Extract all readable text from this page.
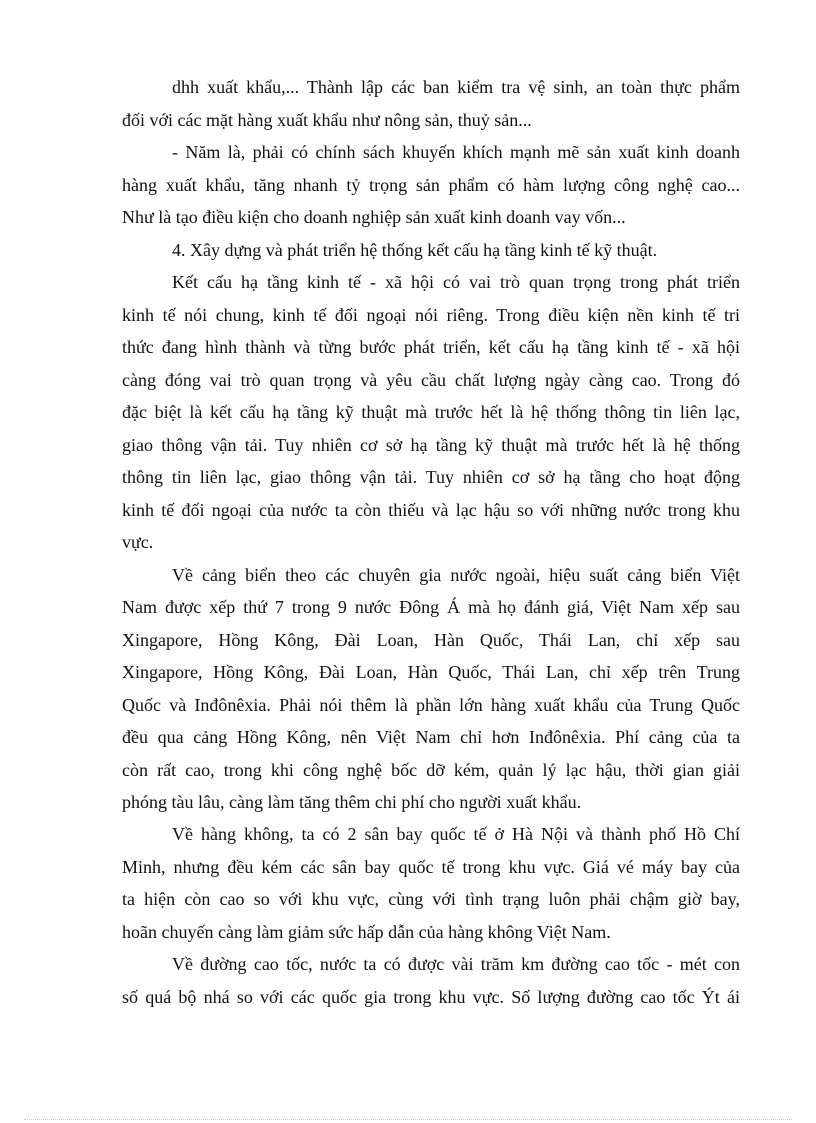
dhh xuất khẩu,... Thành lập các ban kiểm tra vệ sinh, an toàn thực phẩm
đối với các mặt hàng xuất khẩu như nông sản, thuỷ sản...
- Năm là, phải có chính sách khuyến khích mạnh mẽ sản xuất kinh doanh
hàng xuất khẩu, tăng nhanh tỷ trọng sản phẩm có hàm lượng công nghệ cao...
Như là tạo điều kiện cho doanh nghiệp sản xuất kinh doanh vay vốn...
4. Xây dựng và phát triển hệ thống kết cấu hạ tầng kinh tế kỹ thuật.
Kết cấu hạ tầng kinh tế - xã hội có vai trò quan trọng trong phát triển
kinh tế nói chung, kinh tế đối ngoại nói riêng. Trong điều kiện nền kinh tế tri
thức đang hình thành và từng bước phát triển, kết cấu hạ tầng kinh tế - xã hội
càng đóng vai trò quan trọng và yêu cầu chất lượng ngày càng cao. Trong đó
đặc biệt là kết cấu hạ tầng kỹ thuật mà trước hết là hệ thống thông tin liên lạc,
giao thông vận tải. Tuy nhiên cơ sở hạ tầng kỹ thuật mà trước hết là hệ thống
thông tin liên lạc, giao thông vận tải. Tuy nhiên cơ sở hạ tầng cho hoạt động
kinh tế đối ngoại của nước ta còn thiếu và lạc hậu so với những nước trong khu
vực.
Về cảng biển theo các chuyên gia nước ngoài, hiệu suất cảng biển Việt
Nam được xếp thứ 7 trong 9 nước Đông Á mà họ đánh giá, Việt Nam xếp sau
Xingapore, Hồng Kông, Đài Loan, Hàn Quốc, Thái Lan, chỉ xếp sau
Xingapore, Hồng Kông, Đài Loan, Hàn Quốc, Thái Lan, chỉ xếp trên Trung
Quốc và Inđônêxia. Phải nói thêm là phần lớn hàng xuất khẩu của Trung Quốc
đều qua cảng Hồng Kông, nên Việt Nam chỉ hơn Inđônêxia. Phí cảng của ta
còn rất cao, trong khi công nghệ bốc dỡ kém, quản lý lạc hậu, thời gian giải
phóng tàu lâu, càng làm tăng thêm chi phí cho người xuất khẩu.
Về hàng không, ta có 2 sân bay quốc tế ở Hà Nội và thành phố Hồ Chí
Minh, nhưng đều kém các sân bay quốc tế trong khu vực. Giá vé máy bay của
ta hiện còn cao so với khu vực, cùng với tình trạng luôn phải chậm giờ bay,
hoãn chuyến càng làm giảm sức hấp dẫn của hàng không Việt Nam.
Về đường cao tốc, nước ta có được vài trăm km đường cao tốc - mét con
số quá bộ nhá so với các quốc gia trong khu vực. Số lượng đường cao tốc Ýt ái
